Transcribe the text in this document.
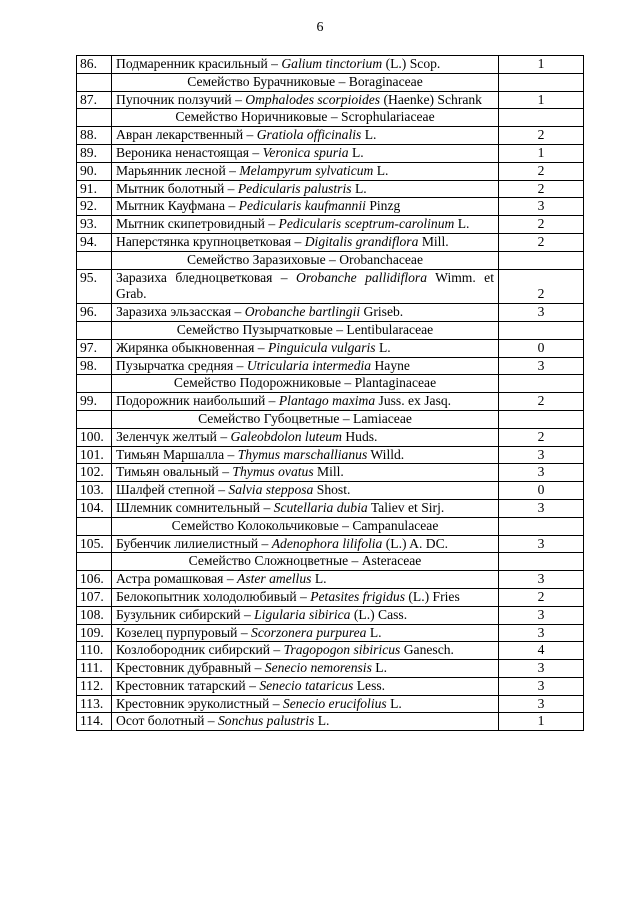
6
86.	Подмаренник красильный – Galium tinctorium (L.) Scop.	1
	Семейство Бурачниковые – Boraginaceae	
87.	Пупочник ползучий – Omphalodes scorpioides (Haenke) Schrank	1
	Семейство Норичниковые – Scrophulariaceae	
88.	Авран лекарственный – Gratiola officinalis L.	2
89.	Вероника ненастоящая – Veronica spuria L.	1
90.	Марьянник лесной – Melampyrum sylvaticum L.	2
91.	Мытник болотный – Pedicularis palustris L.	2
92.	Мытник Кауфмана – Pedicularis kaufmannii Pinzg	3
93.	Мытник скипетровидный – Pedicularis sceptrum-carolinum L.	2
94.	Наперстянка крупноцветковая – Digitalis grandiflora Mill.	2
	Семейство Заразиховые – Orobanchaceae	
95.	Заразиха бледноцветковая – Orobanche pallidiflora Wimm. et Grab.	2
96.	Заразиха эльзасская – Orobanche bartlingii Griseb.	3
	Семейство Пузырчатковые – Lentibularaceae	
97.	Жирянка обыкновенная – Pinguicula vulgaris L.	0
98.	Пузырчатка средняя – Utricularia intermedia Hayne	3
	Семейство Подорожниковые – Plantaginaceae	
99.	Подорожник наибольший – Plantago maxima Juss. ex Jasq.	2
	Семейство Губоцветные – Lamiaceae	
100.	Зеленчук желтый – Galeobdolon luteum Huds.	2
101.	Тимьян Маршалла – Thymus marschallianus Willd.	3
102.	Тимьян овальный – Thymus ovatus Mill.	3
103.	Шалфей степной – Salvia stepposa Shost.	0
104.	Шлемник сомнительный – Scutellaria dubia Taliev et Sirj.	3
	Семейство Колокольчиковые – Campanulaceae	
105.	Бубенчик лилиелистный – Adenophora lilifolia (L.) A. DC.	3
	Семейство Сложноцветные – Asteraceae	
106.	Астра ромашковая – Aster amellus L.	3
107.	Белокопытник холодолюбивый – Petasites frigidus (L.) Fries	2
108.	Бузульник сибирский – Ligularia sibirica (L.) Cass.	3
109.	Козелец пурпуровый – Scorzonera purpurea L.	3
110.	Козлобородник сибирский – Tragopogon sibiricus Ganesch.	4
111.	Крестовник дубравный – Senecio nemorensis L.	3
112.	Крестовник татарский – Senecio tataricus Less.	3
113.	Крестовник эруколистный – Senecio erucifolius L.	3
114.	Осот болотный – Sonchus palustris L.	1
